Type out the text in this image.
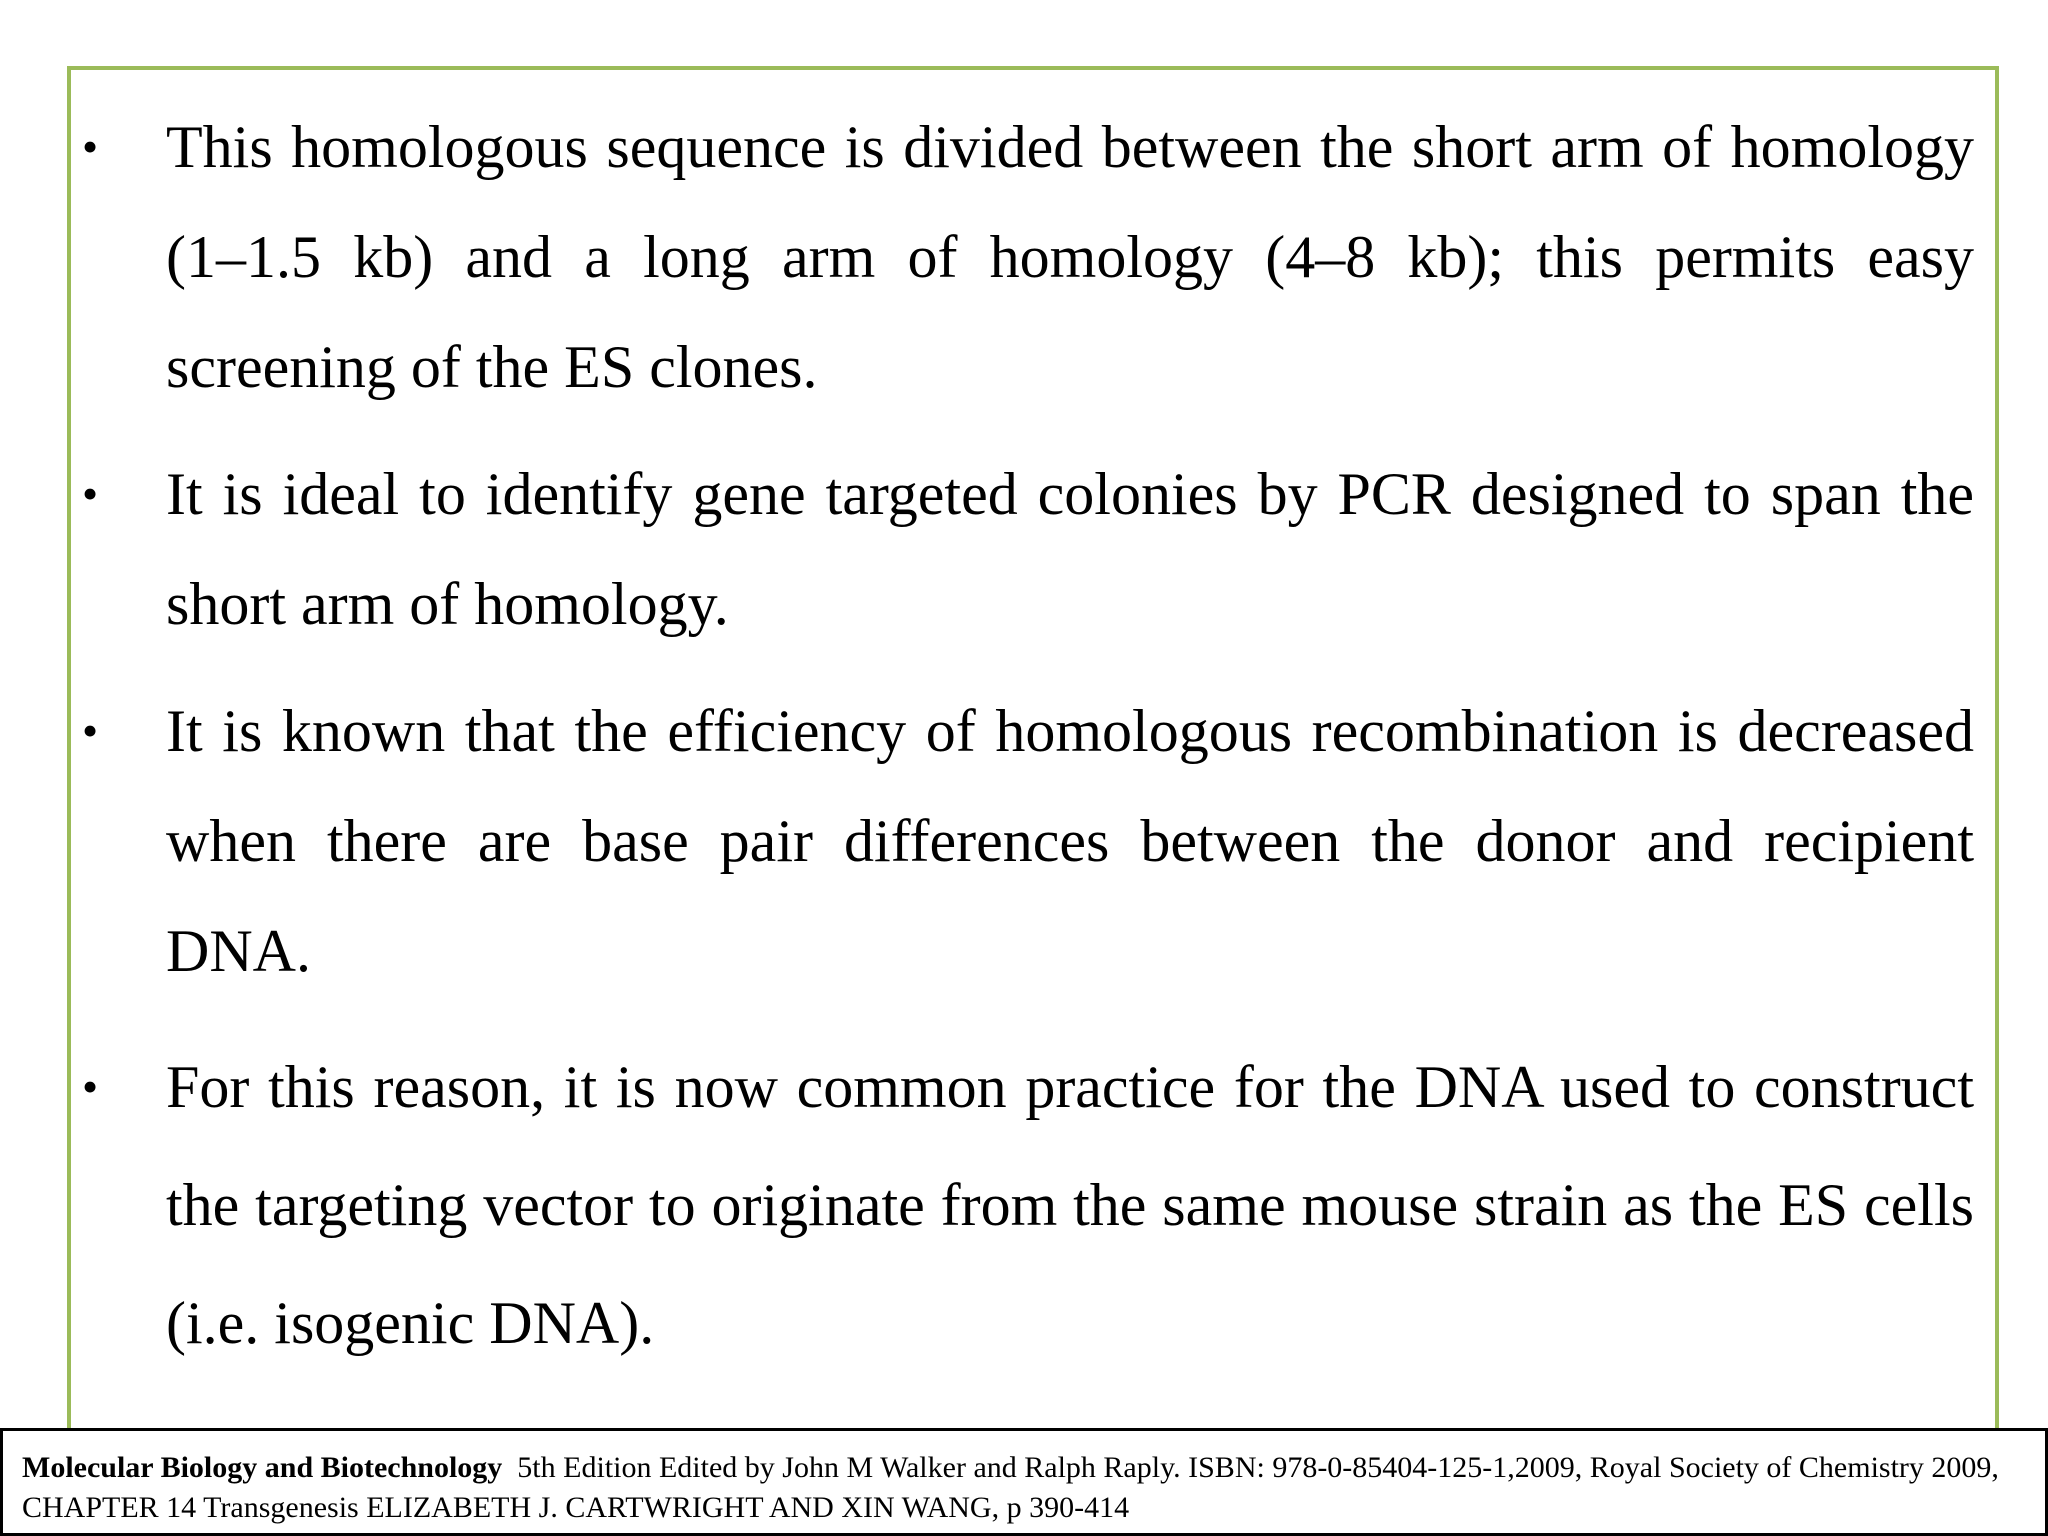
• This homologous sequence is divided between the short arm of homology (1–1.5 kb) and a long arm of homology (4–8 kb); this permits easy screening of the ES clones.
• It is ideal to identify gene targeted colonies by PCR designed to span the short arm of homology.
• It is known that the efficiency of homologous recombination is decreased when there are base pair differences between the donor and recipient DNA.
• For this reason, it is now common practice for the DNA used to construct the targeting vector to originate from the same mouse strain as the ES cells (i.e. isogenic DNA).
Molecular Biology and Biotechnology 5th Edition Edited by John M Walker and Ralph Raply. ISBN: 978-0-85404-125-1,2009, Royal Society of Chemistry 2009, CHAPTER 14 Transgenesis ELIZABETH J. CARTWRIGHT AND XIN WANG, p 390-414
